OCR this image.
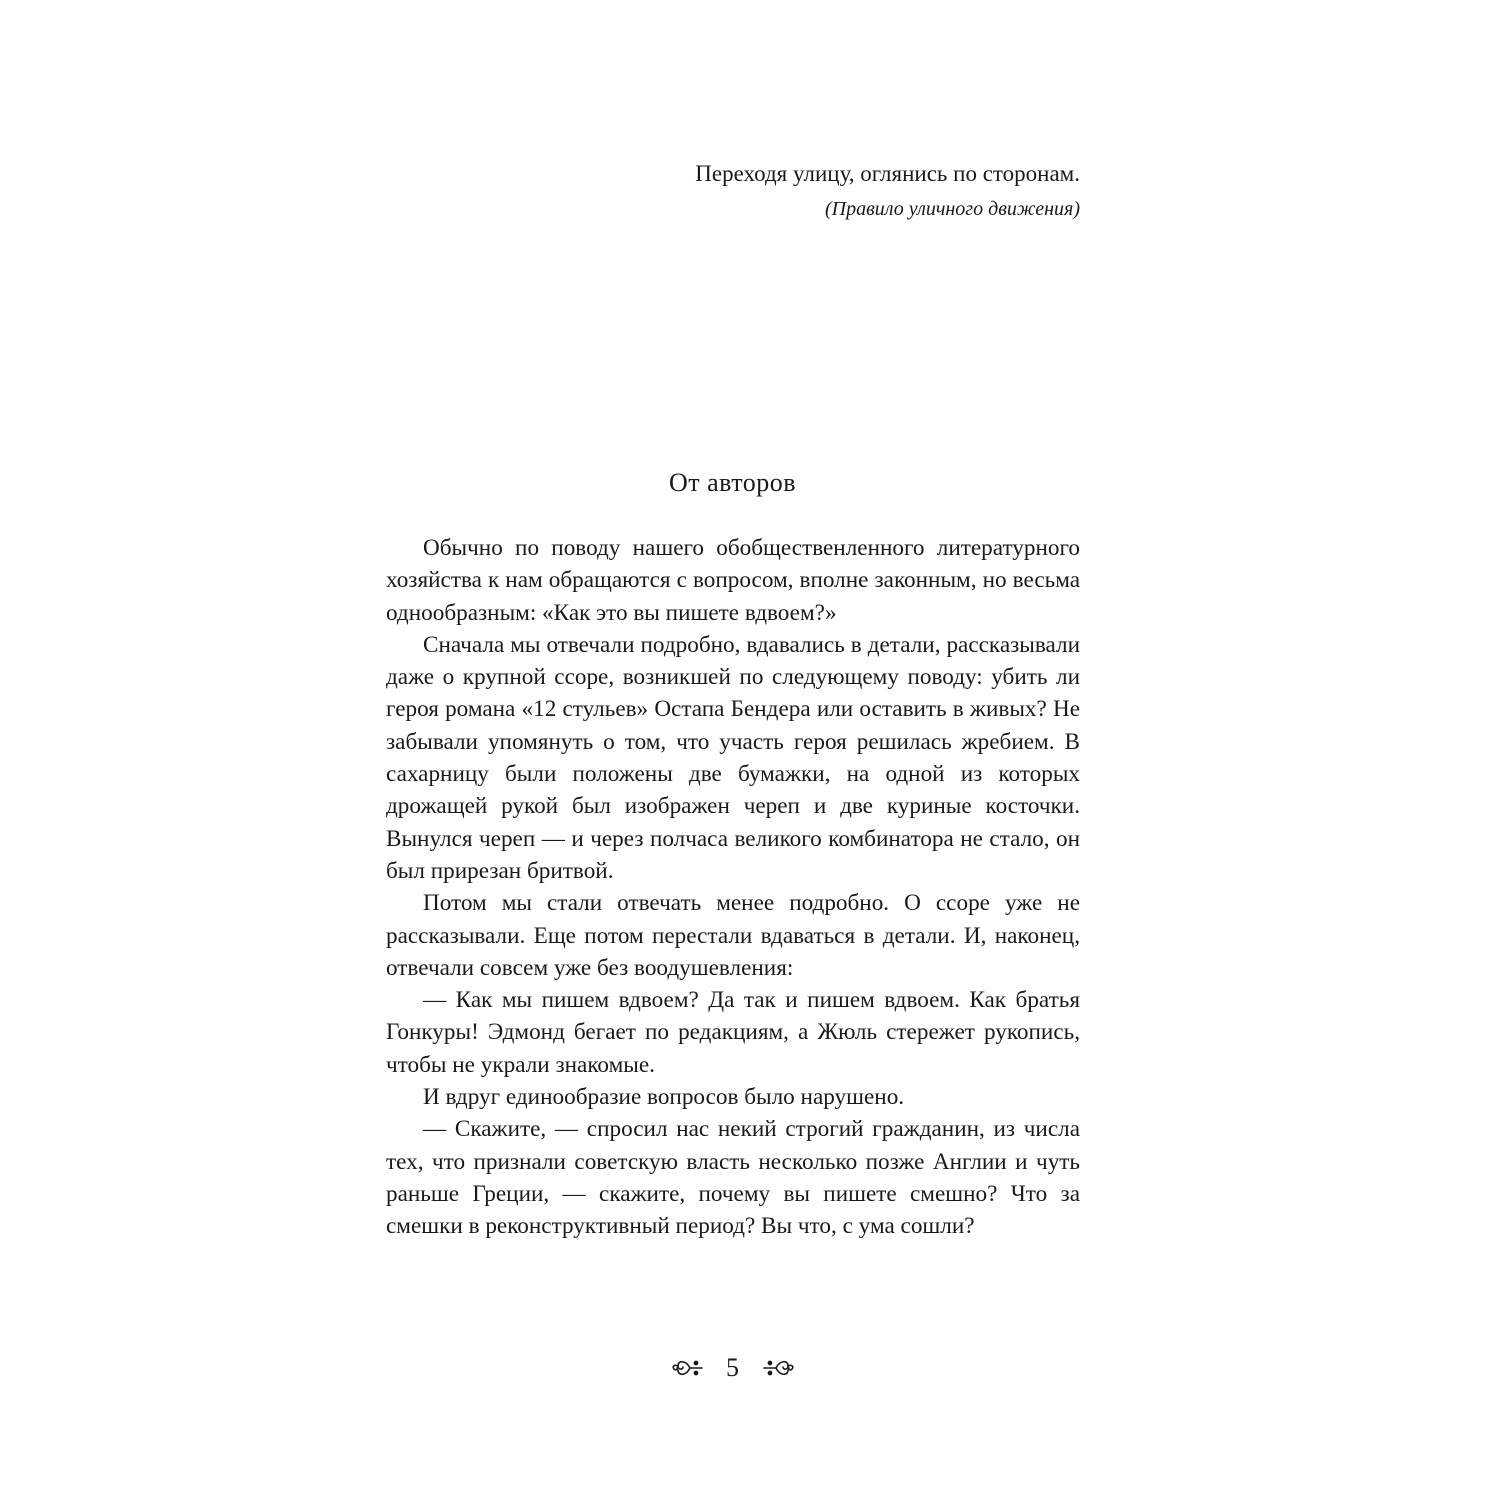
Переходя улицу, оглянись по сторонам.

(Правило уличного движения)

От авторов

Обычно по поводу нашего обобщественленного литературного хозяйства к нам обращаются с вопросом, вполне законным, но весьма однообразным: «Как это вы пишете вдвоем?»

Сначала мы отвечали подробно, вдавались в детали, рассказывали даже о крупной ссоре, возникшей по следующему поводу: убить ли героя романа «12 стульев» Остапа Бендера или оставить в живых? Не забывали упомянуть о том, что участь героя решилась жребием. В сахарницу были положены две бумажки, на одной из которых дрожащей рукой был изображен череп и две куриные косточки. Вынулся череп — и через полчаса великого комбинатора не стало, он был прирезан бритвой.

Потом мы стали отвечать менее подробно. О ссоре уже не рассказывали. Еще потом перестали вдаваться в детали. И, наконец, отвечали совсем уже без воодушевления:

— Как мы пишем вдвоем? Да так и пишем вдвоем. Как братья Гонкуры! Эдмонд бегает по редакциям, а Жюль стережет рукопись, чтобы не украли знакомые.

И вдруг единообразие вопросов было нарушено.

— Скажите, — спросил нас некий строгий гражданин, из числа тех, что признали советскую власть несколько позже Англии и чуть раньше Греции, — скажите, почему вы пишете смешно? Что за смешки в реконструктивный период? Вы что, с ума сошли?

5
